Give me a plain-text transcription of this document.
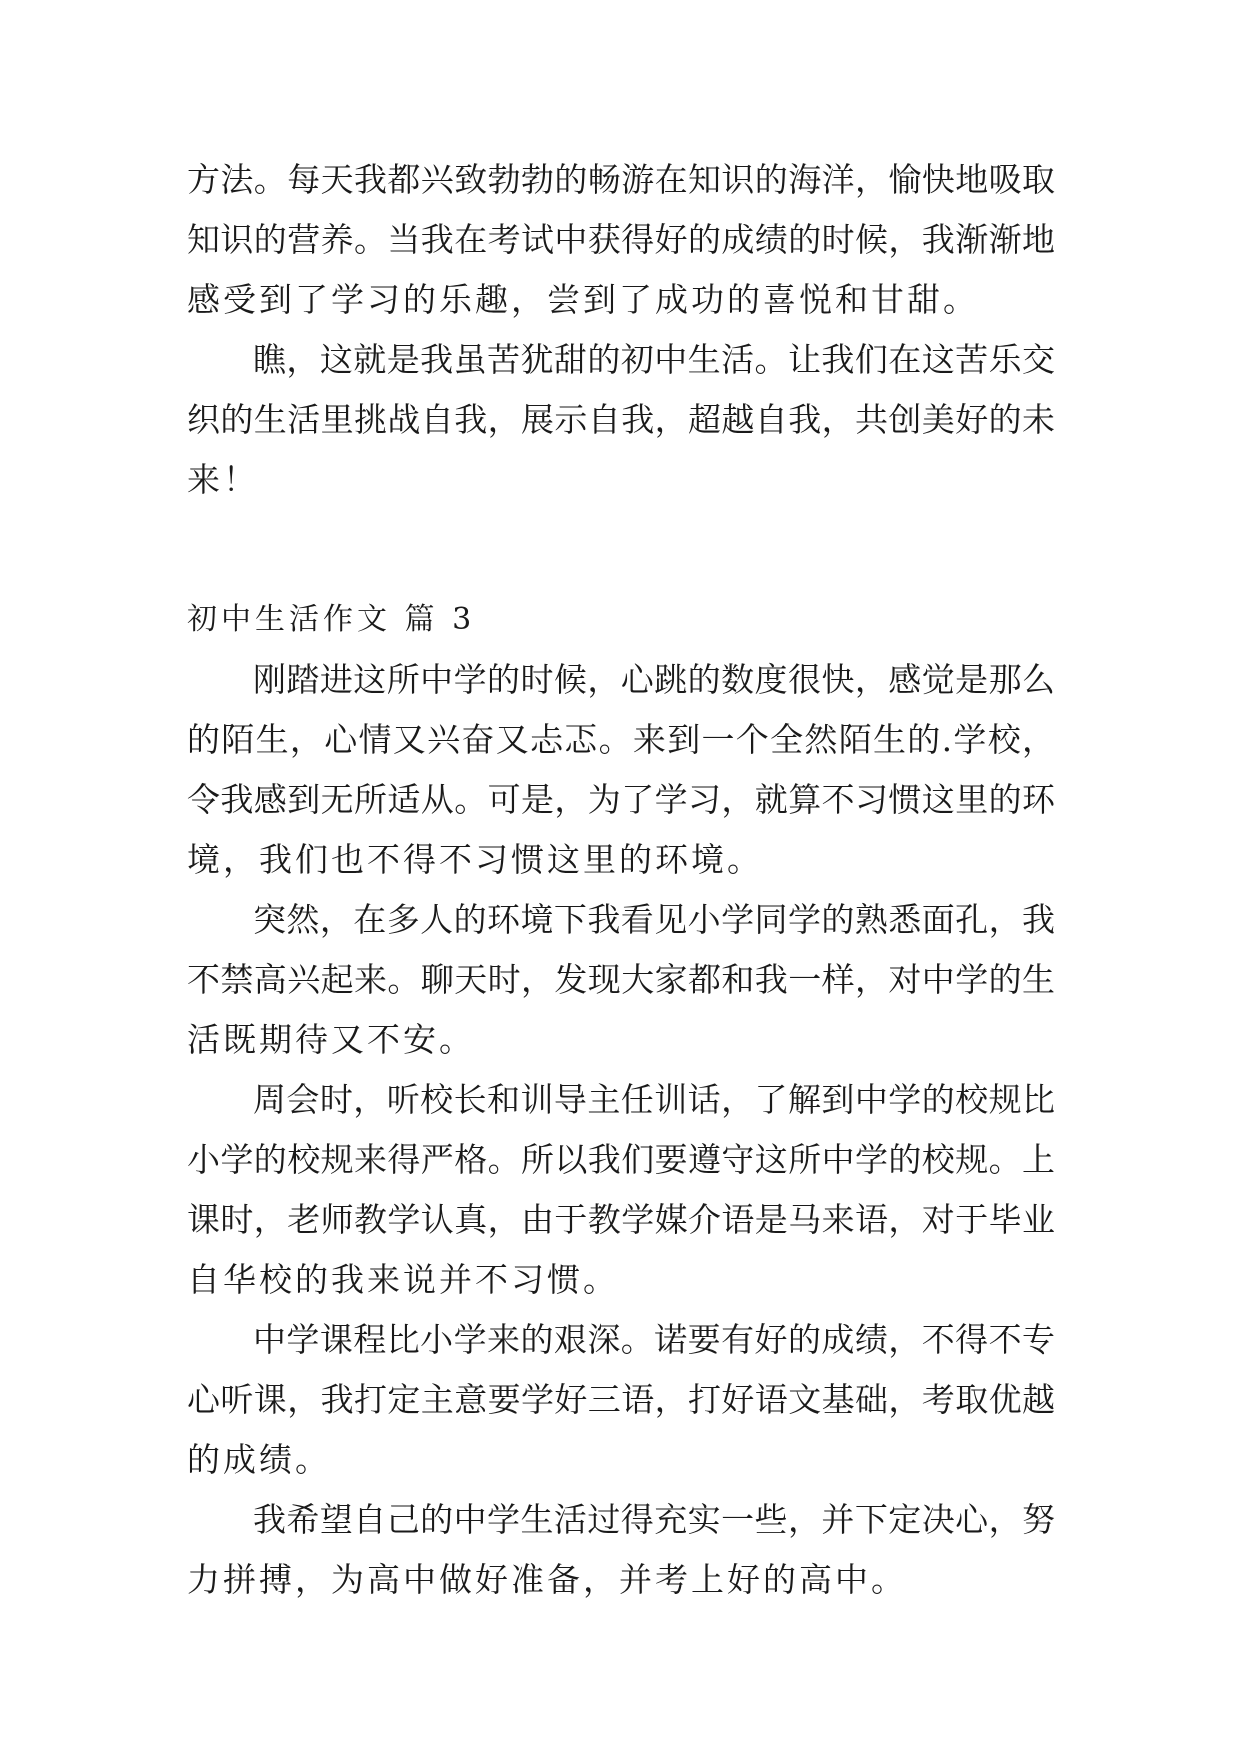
方法。每天我都兴致勃勃的畅游在知识的海洋，愉快地吸取
知识的营养。当我在考试中获得好的成绩的时候，我渐渐地
感受到了学习的乐趣，尝到了成功的喜悦和甘甜。
瞧，这就是我虽苦犹甜的初中生活。让我们在这苦乐交
织的生活里挑战自我，展示自我，超越自我，共创美好的未
来！
初中生活作文 篇 3
刚踏进这所中学的时候，心跳的数度很快，感觉是那么
的陌生，心情又兴奋又忐忑。来到一个全然陌生的.学校，
令我感到无所适从。可是，为了学习，就算不习惯这里的环
境，我们也不得不习惯这里的环境。
突然，在多人的环境下我看见小学同学的熟悉面孔，我
不禁高兴起来。聊天时，发现大家都和我一样，对中学的生
活既期待又不安。
周会时，听校长和训导主任训话，了解到中学的校规比
小学的校规来得严格。所以我们要遵守这所中学的校规。上
课时，老师教学认真，由于教学媒介语是马来语，对于毕业
自华校的我来说并不习惯。
中学课程比小学来的艰深。诺要有好的成绩，不得不专
心听课，我打定主意要学好三语，打好语文基础，考取优越
的成绩。
我希望自己的中学生活过得充实一些，并下定决心，努
力拼搏，为高中做好准备，并考上好的高中。
